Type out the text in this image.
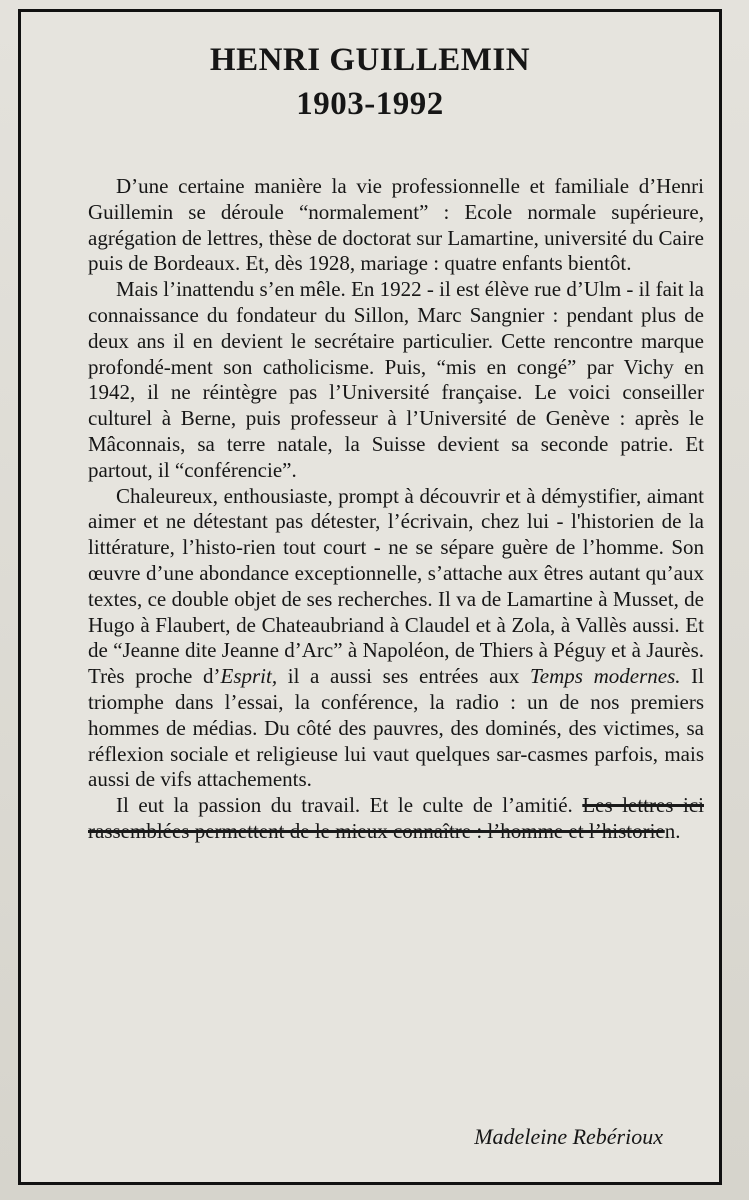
HENRI GUILLEMIN
1903-1992

D’une certaine manière la vie professionnelle et familiale d’Henri Guillemin se déroule “normalement” : Ecole normale supérieure, agrégation de lettres, thèse de doctorat sur Lamartine, université du Caire puis de Bordeaux. Et, dès 1928, mariage : quatre enfants bientôt.

Mais l’inattendu s’en mêle. En 1922 - il est élève rue d’Ulm - il fait la connaissance du fondateur du Sillon, Marc Sangnier : pendant plus de deux ans il en devient le secrétaire particulier. Cette rencontre marque profondé-ment son catholicisme. Puis, “mis en congé” par Vichy en 1942, il ne réintègre pas l’Université française. Le voici conseiller culturel à Berne, puis professeur à l’Université de Genève : après le Mâconnais, sa terre natale, la Suisse devient sa seconde patrie. Et partout, il “conférencie”.

Chaleureux, enthousiaste, prompt à découvrir et à démystifier, aimant aimer et ne détestant pas détester, l’écrivain, chez lui - l'historien de la littérature, l’histo-rien tout court - ne se sépare guère de l’homme. Son œuvre d’une abondance exceptionnelle, s’attache aux êtres autant qu’aux textes, ce double objet de ses recherches. Il va de Lamartine à Musset, de Hugo à Flaubert, de Chateaubriand à Claudel et à Zola, à Vallès aussi. Et de “Jeanne dite Jeanne d’Arc” à Napoléon, de Thiers à Péguy et à Jaurès. Très proche d’Esprit, il a aussi ses entrées aux Temps modernes. Il triomphe dans l’essai, la conférence, la radio : un de nos premiers hommes de médias. Du côté des pauvres, des dominés, des victimes, sa réflexion sociale et religieuse lui vaut quelques sar-casmes parfois, mais aussi de vifs attachements.

Il eut la passion du travail. Et le culte de l’amitié. Les lettres ici rassemblées permettent de le mieux connaître : l’homme et l’historien.

Madeleine Rebérioux
